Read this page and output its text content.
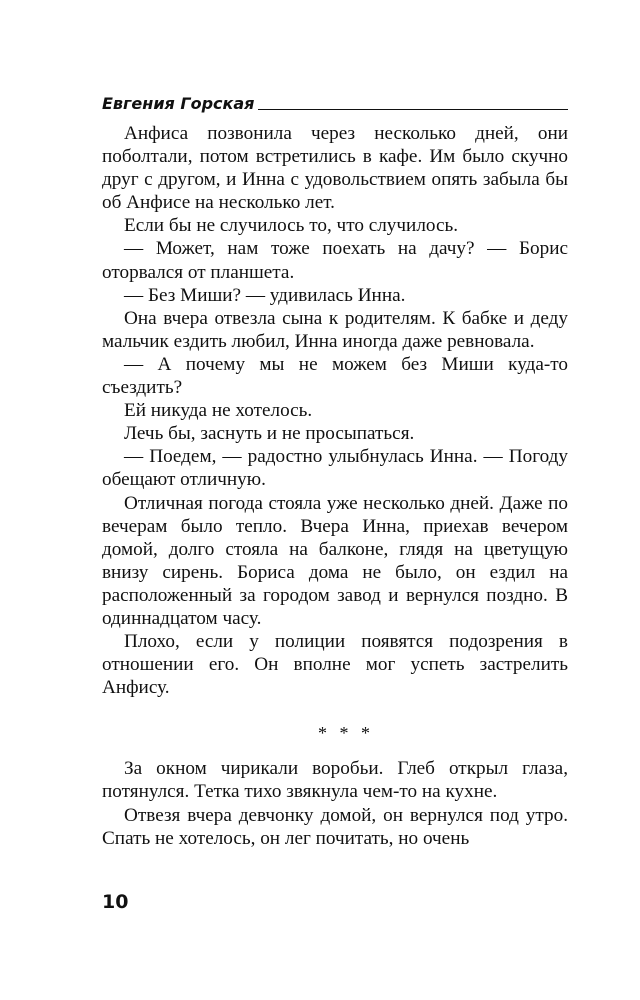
Евгения Горская

Анфиса позвонила через несколько дней, они поболтали, потом встретились в кафе. Им было скучно друг с другом, и Инна с удовольствием опять забыла бы об Анфисе на несколько лет.

Если бы не случилось то, что случилось.

— Может, нам тоже поехать на дачу? — Борис оторвался от планшета.

— Без Миши? — удивилась Инна.

Она вчера отвезла сына к родителям. К бабке и деду мальчик ездить любил, Инна иногда даже ревновала.

— А почему мы не можем без Миши куда-то съездить?

Ей никуда не хотелось.

Лечь бы, заснуть и не просыпаться.

— Поедем, — радостно улыбнулась Инна. — Погоду обещают отличную.

Отличная погода стояла уже несколько дней. Даже по вечерам было тепло. Вчера Инна, приехав вечером домой, долго стояла на балконе, глядя на цветущую внизу сирень. Бориса дома не было, он ездил на расположенный за городом завод и вернулся поздно. В одиннадцатом часу.

Плохо, если у полиции появятся подозрения в отношении его. Он вполне мог успеть застрелить Анфису.

* * *

За окном чирикали воробьи. Глеб открыл глаза, потянулся. Тетка тихо звякнула чем-то на кухне.

Отвезя вчера девчонку домой, он вернулся под утро. Спать не хотелось, он лег почитать, но очень

10
